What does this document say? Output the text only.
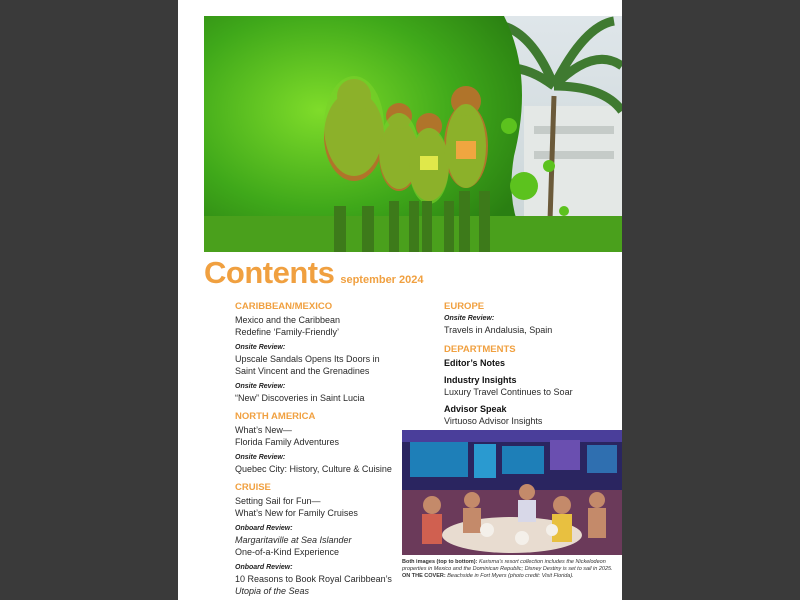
Contents september 2024
CARIBBEAN/MEXICO
Mexico and the Caribbean
Redefine ‘Family-Friendly’
Onsite Review:
Upscale Sandals Opens Its Doors in
Saint Vincent and the Grenadines
Onsite Review:
“New” Discoveries in Saint Lucia
NORTH AMERICA
What’s New—
Florida Family Adventures
Onsite Review:
Quebec City: History, Culture & Cuisine
CRUISE
Setting Sail for Fun—
What’s New for Family Cruises
Onboard Review:
Margaritaville at Sea Islander
One-of-a-Kind Experience
Onboard Review:
10 Reasons to Book Royal Caribbean’s
Utopia of the Seas
EUROPE
Onsite Review:
Travels in Andalusia, Spain
DEPARTMENTS
Editor’s Notes
Industry Insights
Luxury Travel Continues to Soar
Advisor Speak
Virtuoso Advisor Insights
Both images (top to bottom): Karisma’s resort collection includes the Nickelodeon properties in Mexico and the Dominican Republic; Disney Destiny is set to sail in 2025. ON THE COVER: Beachside in Fort Myers (photo credit: Visit Florida).
